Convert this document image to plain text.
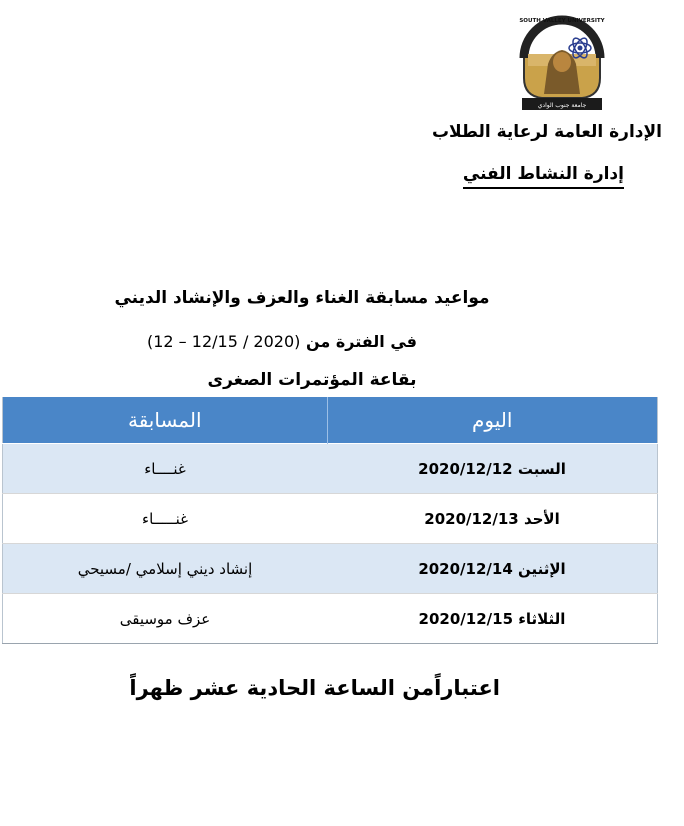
جامعة جنوب الوادي
SOUTH VALLEY UNIVERSITY
الإدارة العامة لرعاية الطلاب
إدارة النشاط الفني
مواعيد مسابقة الغناء والعزف والإنشاد الديني
في الفترة من (12 – 12/15 / 2020)
بقاعة المؤتمرات الصغرى
اليوم	المسابقة
السبت 2020/12/12	غنــــاء
الأحد 2020/12/13	غنـــــاء
الإثنين 2020/12/14	إنشاد ديني إسلامي /مسيحي
الثلاثاء 2020/12/15	عزف موسيقى
اعتباراًمن الساعة الحادية عشر ظهراً
